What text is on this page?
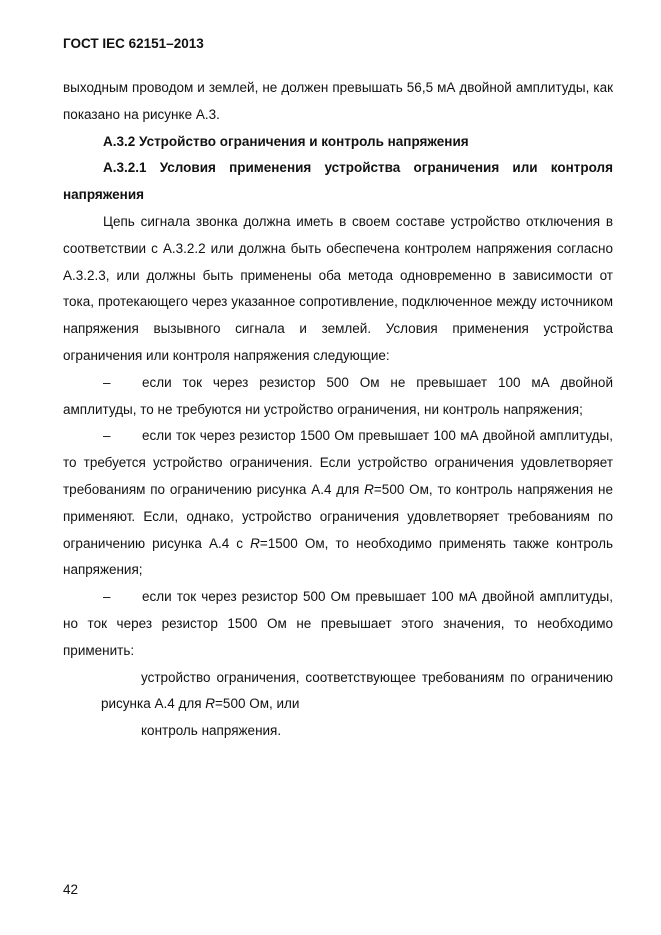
ГОСТ IEC 62151–2013

выходным проводом и землей, не должен превышать 56,5 мА двойной амплитуды, как показано на рисунке А.3.

А.3.2 Устройство ограничения и контроль напряжения

А.3.2.1 Условия применения устройства ограничения или контроля напряжения

Цепь сигнала звонка должна иметь в своем составе устройство отключения в соответствии с А.3.2.2 или должна быть обеспечена контролем напряжения согласно А.3.2.3, или должны быть применены оба метода одновременно в зависимости от тока, протекающего через указанное сопротивление, подключенное между источником напряжения вызывного сигнала и землей. Условия применения устройства ограничения или контроля напряжения следующие:

– если ток через резистор 500 Ом не превышает 100 мА двойной амплитуды, то не требуются ни устройство ограничения, ни контроль напряжения;

– если ток через резистор 1500 Ом превышает 100 мА двойной амплитуды, то требуется устройство ограничения. Если устройство ограничения удовлетворяет требованиям по ограничению рисунка А.4 для R=500 Ом, то контроль напряжения не применяют. Если, однако, устройство ограничения удовлетворяет требованиям по ограничению рисунка А.4 с R=1500 Ом, то необходимо применять также контроль напряжения;

– если ток через резистор 500 Ом превышает 100 мА двойной амплитуды, но ток через резистор 1500 Ом не превышает этого значения, то необходимо применить:

устройство ограничения, соответствующее требованиям по ограничению рисунка А.4 для R=500 Ом, или

контроль напряжения.

42
